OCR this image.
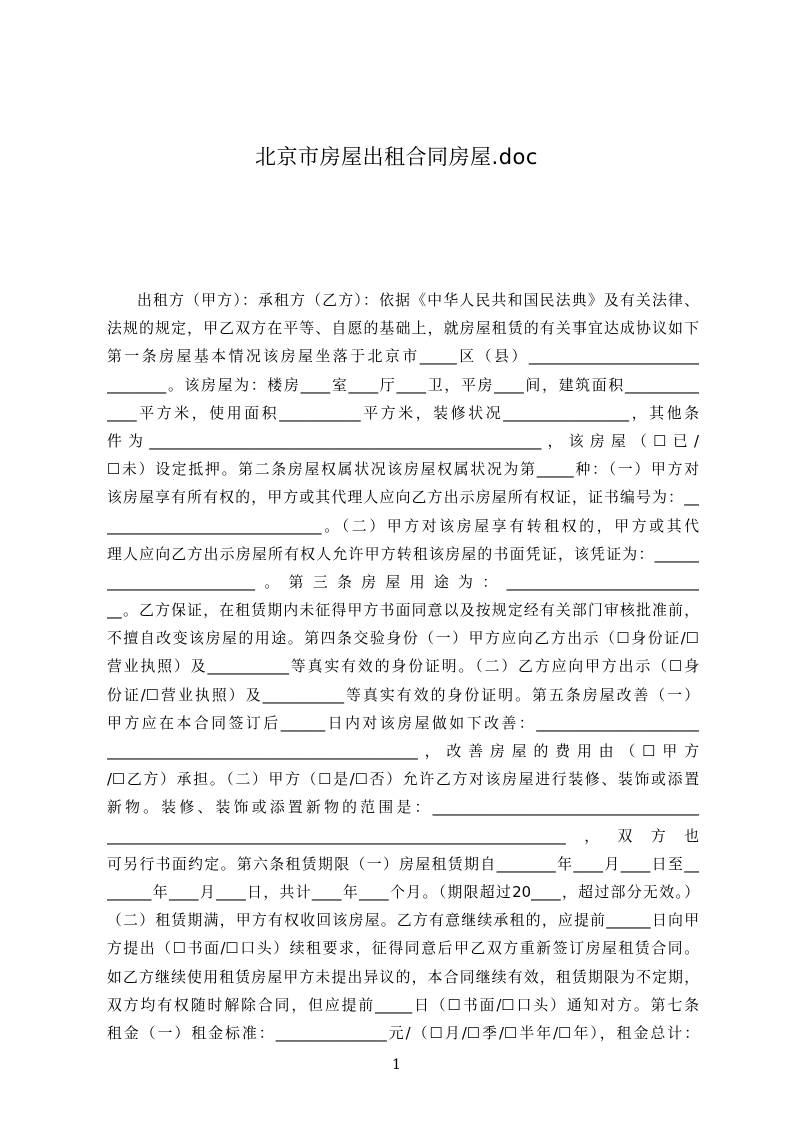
北京市房屋出租合同房屋.doc
出租方（甲方）：承租方（乙方）：依据《中华人民共和国民法典》及有关法律、
法规的规定，甲乙双方在平等、自愿的基础上，就房屋租赁的有关事宜达成协议如下
第一条房屋基本情况该房屋坐落于北京市_____区（县）_______________________
________。该房屋为：楼房____室____厅____卫，平房____间，建筑面积__________
____平方米，使用面积___________平方米，装修状况_________________，其他条
件为_____________________________________________________，该房屋（☐已/
☐未）设定抵押。第二条房屋权属状况该房屋权属状况为第_____种：（一）甲方对
该房屋享有所有权的，甲方或其代理人应向乙方出示房屋所有权证，证书编号为：__
_____________________________。（二）甲方对该房屋享有转租权的，甲方或其代
理人应向乙方出示房屋所有权人允许甲方转租该房屋的书面凭证，该凭证为：______
____________________。第三条房屋用途为：__________________________
__。乙方保证，在租赁期内未征得甲方书面同意以及按规定经有关部门审核批准前，
不擅自改变该房屋的用途。第四条交验身份（一）甲方应向乙方出示（☐身份证/☐
营业执照）及___________等真实有效的身份证明。（二）乙方应向甲方出示（☐身
份证/☐营业执照）及___________等真实有效的身份证明。第五条房屋改善（一）
甲方应在本合同签订后______日内对该房屋做如下改善：______________________
__________________________________________，改善房屋的费用由（☐甲方
/☐乙方）承担。（二）甲方（☐是/☐否）允许乙方对该房屋进行装修、装饰或添置
新物。装修、装饰或添置新物的范围是：____________________________________
______________________________________________________________，双方也
可另行书面约定。第六条租赁期限（一）房屋租赁期自________年____月____日至__
______年____月____日，共计____年____个月。（期限超过20____，超过部分无效。）
（二）租赁期满，甲方有权收回该房屋。乙方有意继续承租的，应提前______日向甲
方提出（☐书面/☐口头）续租要求，征得同意后甲乙双方重新签订房屋租赁合同。
如乙方继续使用租赁房屋甲方未提出异议的，本合同继续有效，租赁期限为不定期，
双方均有权随时解除合同，但应提前_____日（☐书面/☐口头）通知对方。第七条
租金（一）租金标准：_______________元/（☐月/☐季/☐半年/☐年），租金总计：
1
